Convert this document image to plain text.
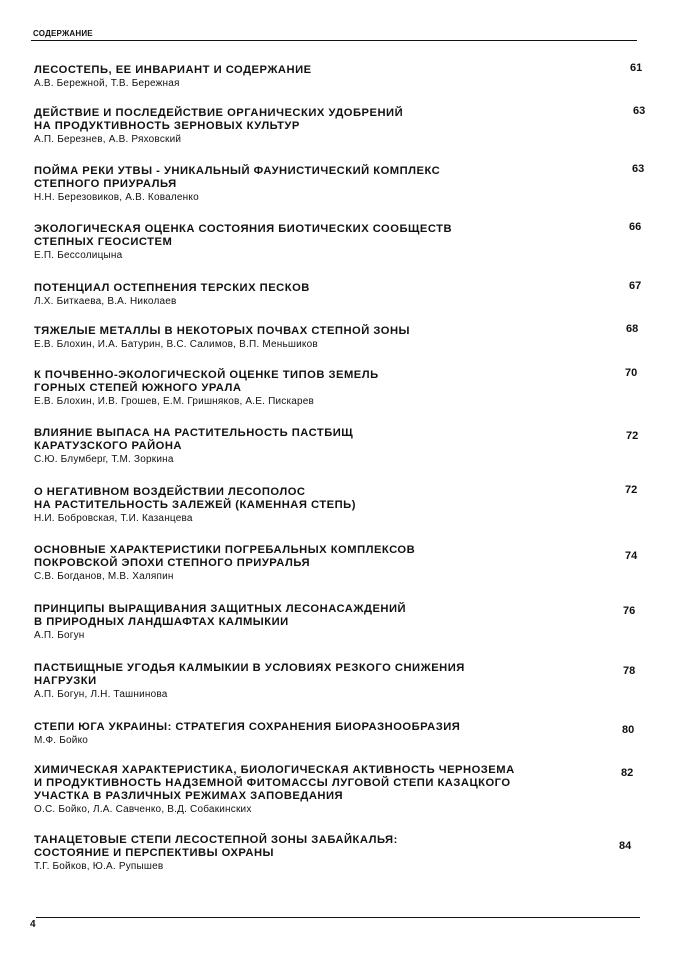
СОДЕРЖАНИЕ
ЛЕСОСТЕПЬ, ЕЕ ИНВАРИАНТ И СОДЕРЖАНИЕ
А.В. Бережной, Т.В. Бережная
61
ДЕЙСТВИЕ И ПОСЛЕДЕЙСТВИЕ ОРГАНИЧЕСКИХ УДОБРЕНИЙ
НА ПРОДУКТИВНОСТЬ ЗЕРНОВЫХ КУЛЬТУР
А.П. Березнев, А.В. Ряховский
63
ПОЙМА РЕКИ УТВЫ - УНИКАЛЬНЫЙ ФАУНИСТИЧЕСКИЙ КОМПЛЕКС
СТЕПНОГО ПРИУРАЛЬЯ
Н.Н. Березовиков, А.В. Коваленко
63
ЭКОЛОГИЧЕСКАЯ ОЦЕНКА СОСТОЯНИЯ БИОТИЧЕСКИХ СООБЩЕСТВ
СТЕПНЫХ ГЕОСИСТЕМ
Е.П. Бессолицына
66
ПОТЕНЦИАЛ ОСТЕПНЕНИЯ ТЕРСКИХ ПЕСКОВ
Л.Х. Биткаева, В.А. Николаев
67
ТЯЖЕЛЫЕ МЕТАЛЛЫ В НЕКОТОРЫХ ПОЧВАХ СТЕПНОЙ ЗОНЫ
Е.В. Блохин, И.А. Батурин, В.С. Салимов, В.П. Меньшиков
68
К ПОЧВЕННО-ЭКОЛОГИЧЕСКОЙ ОЦЕНКЕ ТИПОВ ЗЕМЕЛЬ
ГОРНЫХ СТЕПЕЙ ЮЖНОГО УРАЛА
Е.В. Блохин, И.В. Грошев, Е.М. Гришняков, А.Е. Пискарев
70
ВЛИЯНИЕ ВЫПАСА НА РАСТИТЕЛЬНОСТЬ ПАСТБИЩ
КАРАТУЗСКОГО РАЙОНА
С.Ю. Блумберг, Т.М. Зоркина
72
О НЕГАТИВНОМ ВОЗДЕЙСТВИИ ЛЕСОПОЛОС
НА РАСТИТЕЛЬНОСТЬ ЗАЛЕЖЕЙ (КАМЕННАЯ СТЕПЬ)
Н.И. Бобровская, Т.И. Казанцева
72
ОСНОВНЫЕ ХАРАКТЕРИСТИКИ ПОГРЕБАЛЬНЫХ КОМПЛЕКСОВ
ПОКРОВСКОЙ ЭПОХИ СТЕПНОГО ПРИУРАЛЬЯ
С.В. Богданов, М.В. Халяпин
74
ПРИНЦИПЫ ВЫРАЩИВАНИЯ ЗАЩИТНЫХ ЛЕСОНАСАЖДЕНИЙ
В ПРИРОДНЫХ ЛАНДШАФТАХ КАЛМЫКИИ
А.П. Богун
76
ПАСТБИЩНЫЕ УГОДЬЯ КАЛМЫКИИ В УСЛОВИЯХ РЕЗКОГО СНИЖЕНИЯ
НАГРУЗКИ
А.П. Богун, Л.Н. Ташнинова
78
СТЕПИ ЮГА УКРАИНЫ: СТРАТЕГИЯ СОХРАНЕНИЯ БИОРАЗНООБРАЗИЯ
М.Ф. Бойко
80
ХИМИЧЕСКАЯ ХАРАКТЕРИСТИКА, БИОЛОГИЧЕСКАЯ АКТИВНОСТЬ ЧЕРНОЗЕМА
И ПРОДУКТИВНОСТЬ НАДЗЕМНОЙ ФИТОМАССЫ ЛУГОВОЙ СТЕПИ КАЗАЦКОГО
УЧАСТКА В РАЗЛИЧНЫХ РЕЖИМАХ ЗАПОВЕДАНИЯ
О.С. Бойко, Л.А. Савченко, В.Д. Собакинских
82
ТАНАЦЕТОВЫЕ СТЕПИ ЛЕСОСТЕПНОЙ ЗОНЫ ЗАБАЙКАЛЬЯ:
СОСТОЯНИЕ И ПЕРСПЕКТИВЫ ОХРАНЫ
Т.Г. Бойков, Ю.А. Рупышев
84
4
